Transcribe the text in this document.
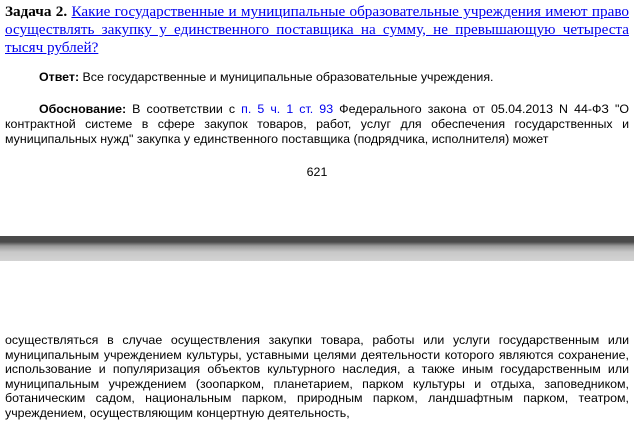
Задача 2. Какие государственные и муниципальные образовательные учреждения имеют право осуществлять закупку у единственного поставщика на сумму, не превышающую четыреста тысяч рублей?

Ответ: Все государственные и муниципальные образовательные учреждения.

Обоснование: В соответствии с п. 5 ч. 1 ст. 93 Федерального закона от 05.04.2013 N 44-ФЗ "О контрактной системе в сфере закупок товаров, работ, услуг для обеспечения государственных и муниципальных нужд" закупка у единственного поставщика (подрядчика, исполнителя) может

621

осуществляться в случае осуществления закупки товара, работы или услуги государственным или муниципальным учреждением культуры, уставными целями деятельности которого являются сохранение, использование и популяризация объектов культурного наследия, а также иным государственным или муниципальным учреждением (зоопарком, планетарием, парком культуры и отдыха, заповедником, ботаническим садом, национальным парком, природным парком, ландшафтным парком, театром, учреждением, осуществляющим концертную деятельность,
